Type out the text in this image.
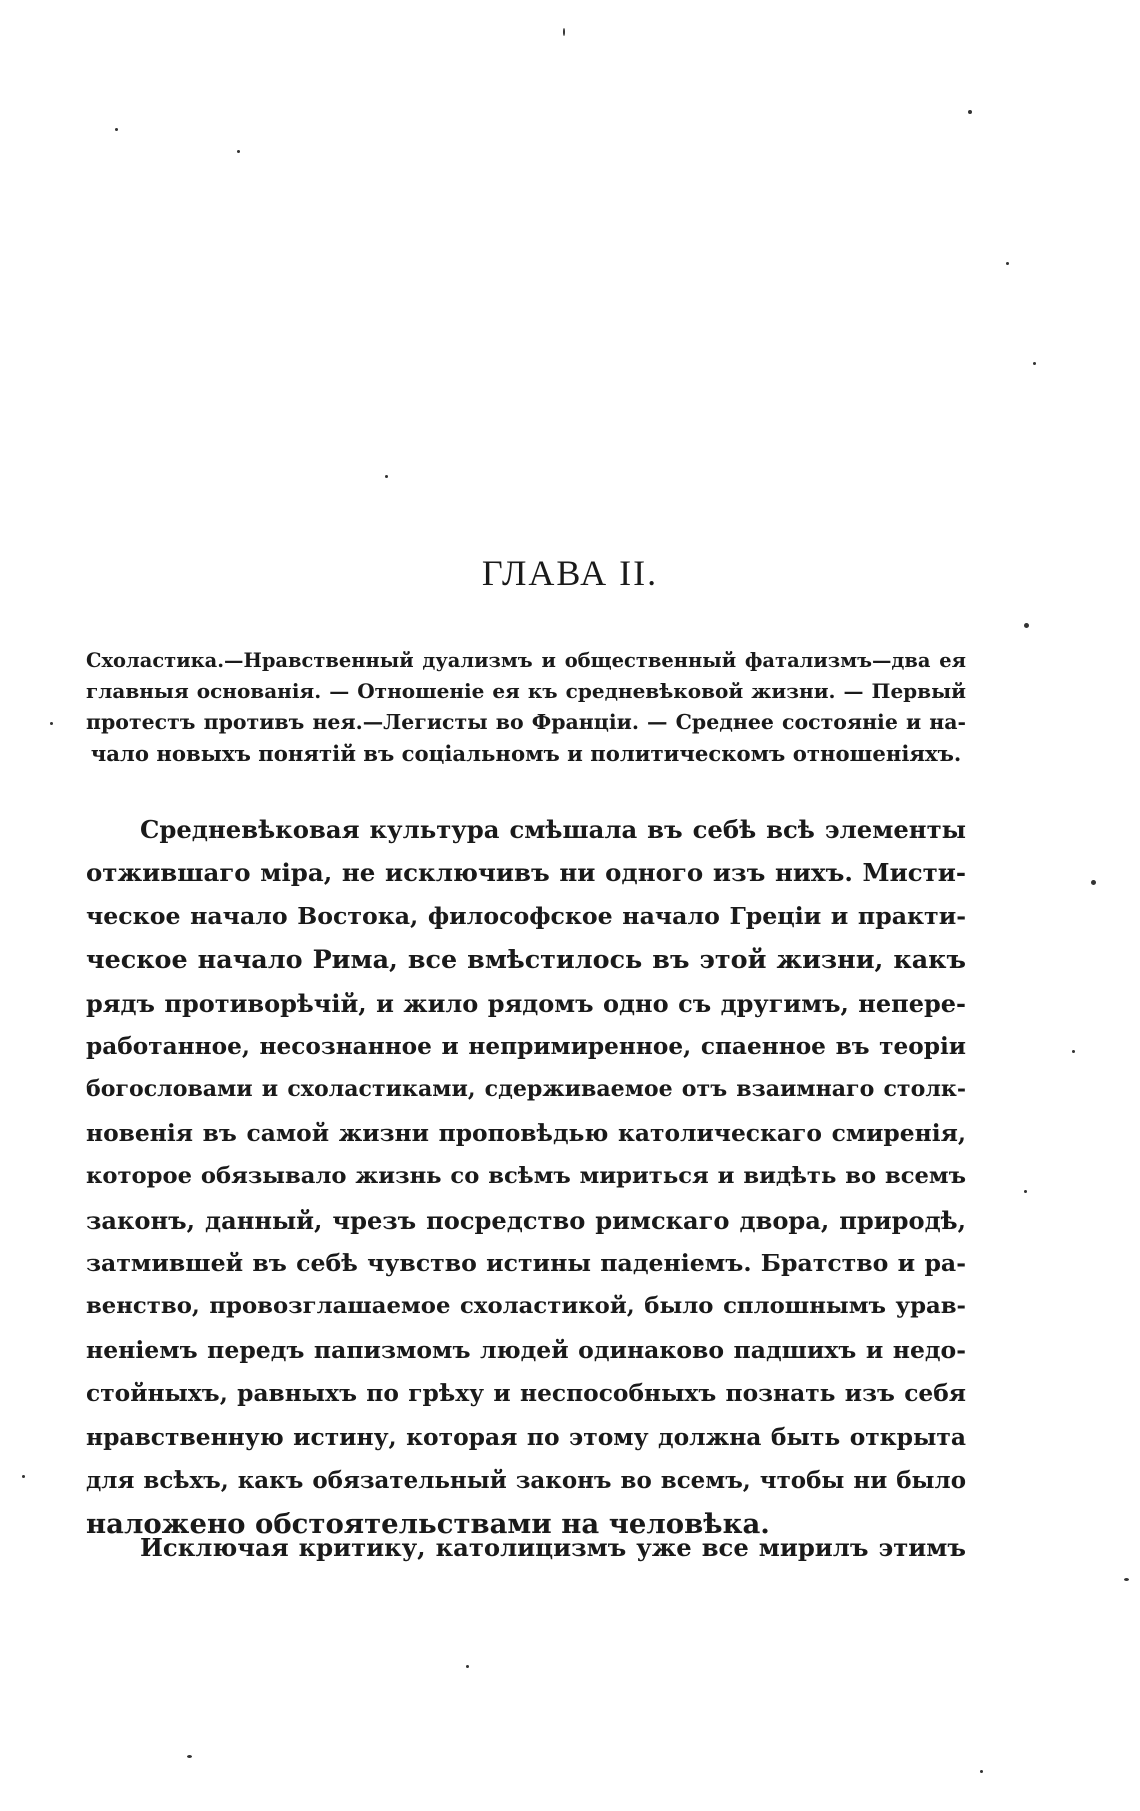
ГЛАВА II.
Схоластика.—Нравственный дуализмъ и общественный фатализмъ—два ея
главныя основанія. — Отношеніе ея къ средневѣковой жизни. — Первый
протестъ противъ нея.—Легисты во Франціи. — Среднее состояніе и на-
чало новыхъ понятій въ соціальномъ и политическомъ отношеніяхъ.
Средневѣковая культура смѣшала въ себѣ всѣ элементы
отжившаго міра, не исключивъ ни одного изъ нихъ. Мисти-
ческое начало Востока, философское начало Греціи и практи-
ческое начало Рима, все вмѣстилось въ этой жизни, какъ
рядъ противорѣчій, и жило рядомъ одно съ другимъ, непере-
работанное, несознанное и непримиренное, спаенное въ теоріи
богословами и схоластиками, сдерживаемое отъ взаимнаго столк-
новенія въ самой жизни проповѣдью католическаго смиренія,
которое обязывало жизнь со всѣмъ мириться и видѣть во всемъ
законъ, данный, чрезъ посредство римскаго двора, природѣ,
затмившей въ себѣ чувство истины паденіемъ. Братство и ра-
венство, провозглашаемое схоластикой, было сплошнымъ урав-
неніемъ передъ папизмомъ людей одинаково падшихъ и недо-
стойныхъ, равныхъ по грѣху и неспособныхъ познать изъ себя
нравственную истину, которая по этому должна быть открыта
для всѣхъ, какъ обязательный законъ во всемъ, чтобы ни было
наложено обстоятельствами на человѣка.
Исключая критику, католицизмъ уже все мирилъ этимъ
